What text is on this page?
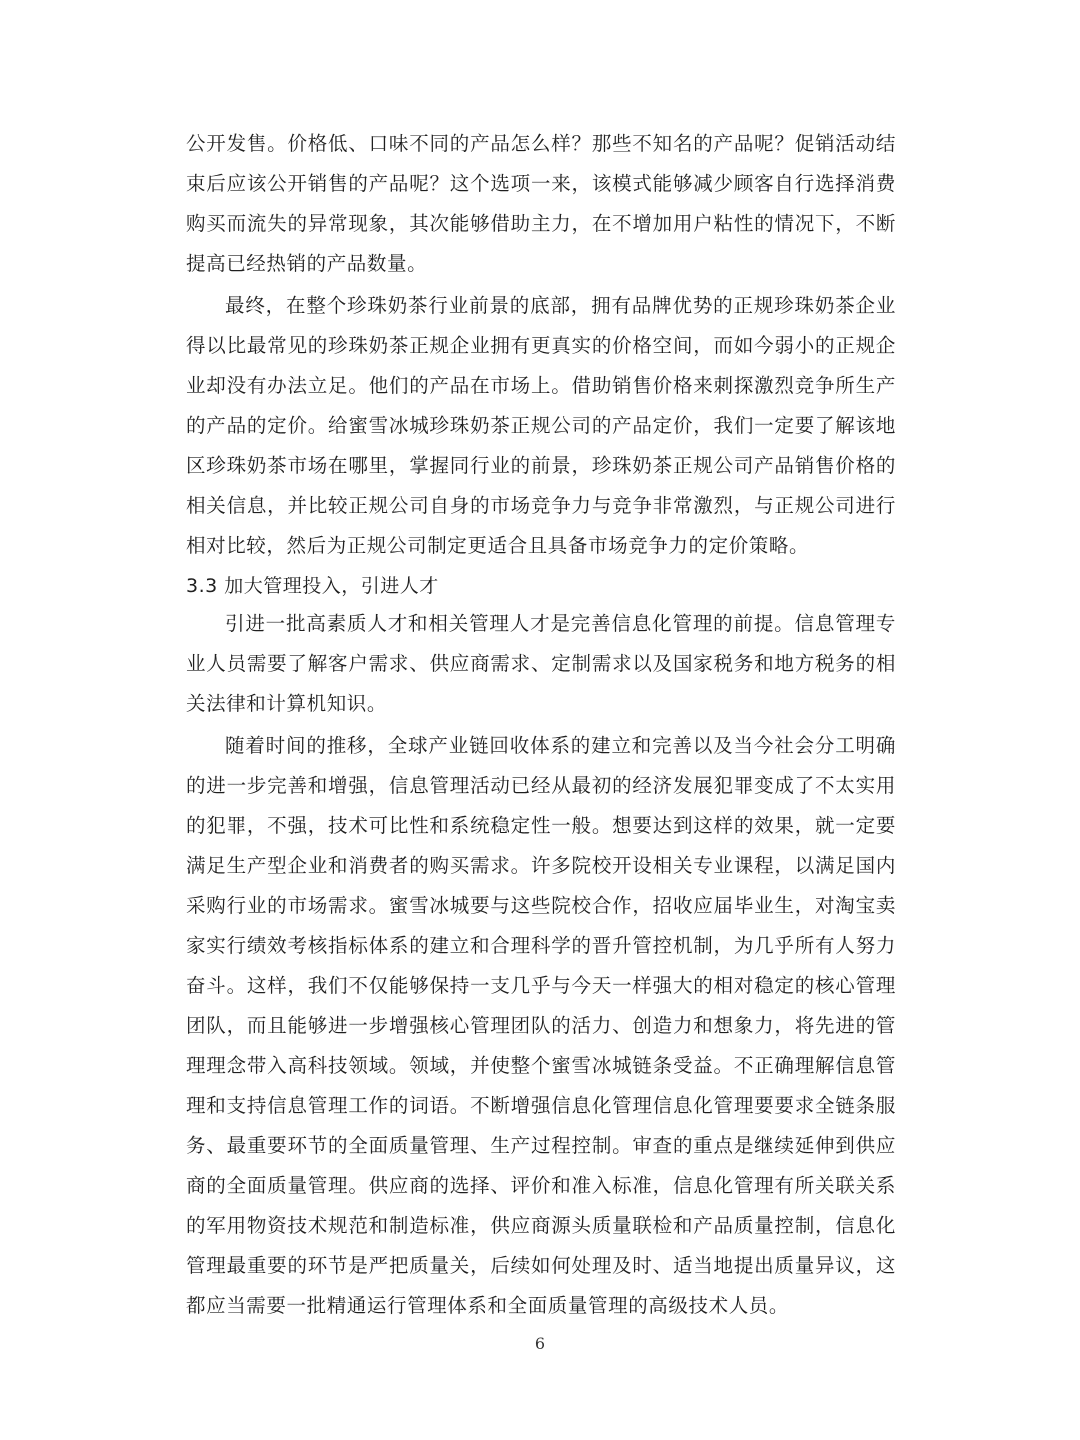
公开发售。价格低、口味不同的产品怎么样？那些不知名的产品呢？促销活动结束后应该公开销售的产品呢？这个选项一来，该模式能够减少顾客自行选择消费购买而流失的异常现象，其次能够借助主力，在不增加用户粘性的情况下，不断提高已经热销的产品数量。

最终，在整个珍珠奶茶行业前景的底部，拥有品牌优势的正规珍珠奶茶企业得以比最常见的珍珠奶茶正规企业拥有更真实的价格空间，而如今弱小的正规企业却没有办法立足。他们的产品在市场上。借助销售价格来刺探激烈竞争所生产的产品的定价。给蜜雪冰城珍珠奶茶正规公司的产品定价，我们一定要了解该地区珍珠奶茶市场在哪里，掌握同行业的前景，珍珠奶茶正规公司产品销售价格的相关信息，并比较正规公司自身的市场竞争力与竞争非常激烈，与正规公司进行相对比较，然后为正规公司制定更适合且具备市场竞争力的定价策略。

3.3 加大管理投入，引进人才

引进一批高素质人才和相关管理人才是完善信息化管理的前提。信息管理专业人员需要了解客户需求、供应商需求、定制需求以及国家税务和地方税务的相关法律和计算机知识。

随着时间的推移，全球产业链回收体系的建立和完善以及当今社会分工明确的进一步完善和增强，信息管理活动已经从最初的经济发展犯罪变成了不太实用的犯罪，不强，技术可比性和系统稳定性一般。想要达到这样的效果，就一定要满足生产型企业和消费者的购买需求。许多院校开设相关专业课程，以满足国内采购行业的市场需求。蜜雪冰城要与这些院校合作，招收应届毕业生，对淘宝卖家实行绩效考核指标体系的建立和合理科学的晋升管控机制，为几乎所有人努力奋斗。这样，我们不仅能够保持一支几乎与今天一样强大的相对稳定的核心管理团队，而且能够进一步增强核心管理团队的活力、创造力和想象力，将先进的管理理念带入高科技领域。领域，并使整个蜜雪冰城链条受益。不正确理解信息管理和支持信息管理工作的词语。不断增强信息化管理信息化管理要要求全链条服务、最重要环节的全面质量管理、生产过程控制。审查的重点是继续延伸到供应商的全面质量管理。供应商的选择、评价和准入标准，信息化管理有所关联关系的军用物资技术规范和制造标准，供应商源头质量联检和产品质量控制，信息化管理最重要的环节是严把质量关，后续如何处理及时、适当地提出质量异议，这都应当需要一批精通运行管理体系和全面质量管理的高级技术人员。

6
